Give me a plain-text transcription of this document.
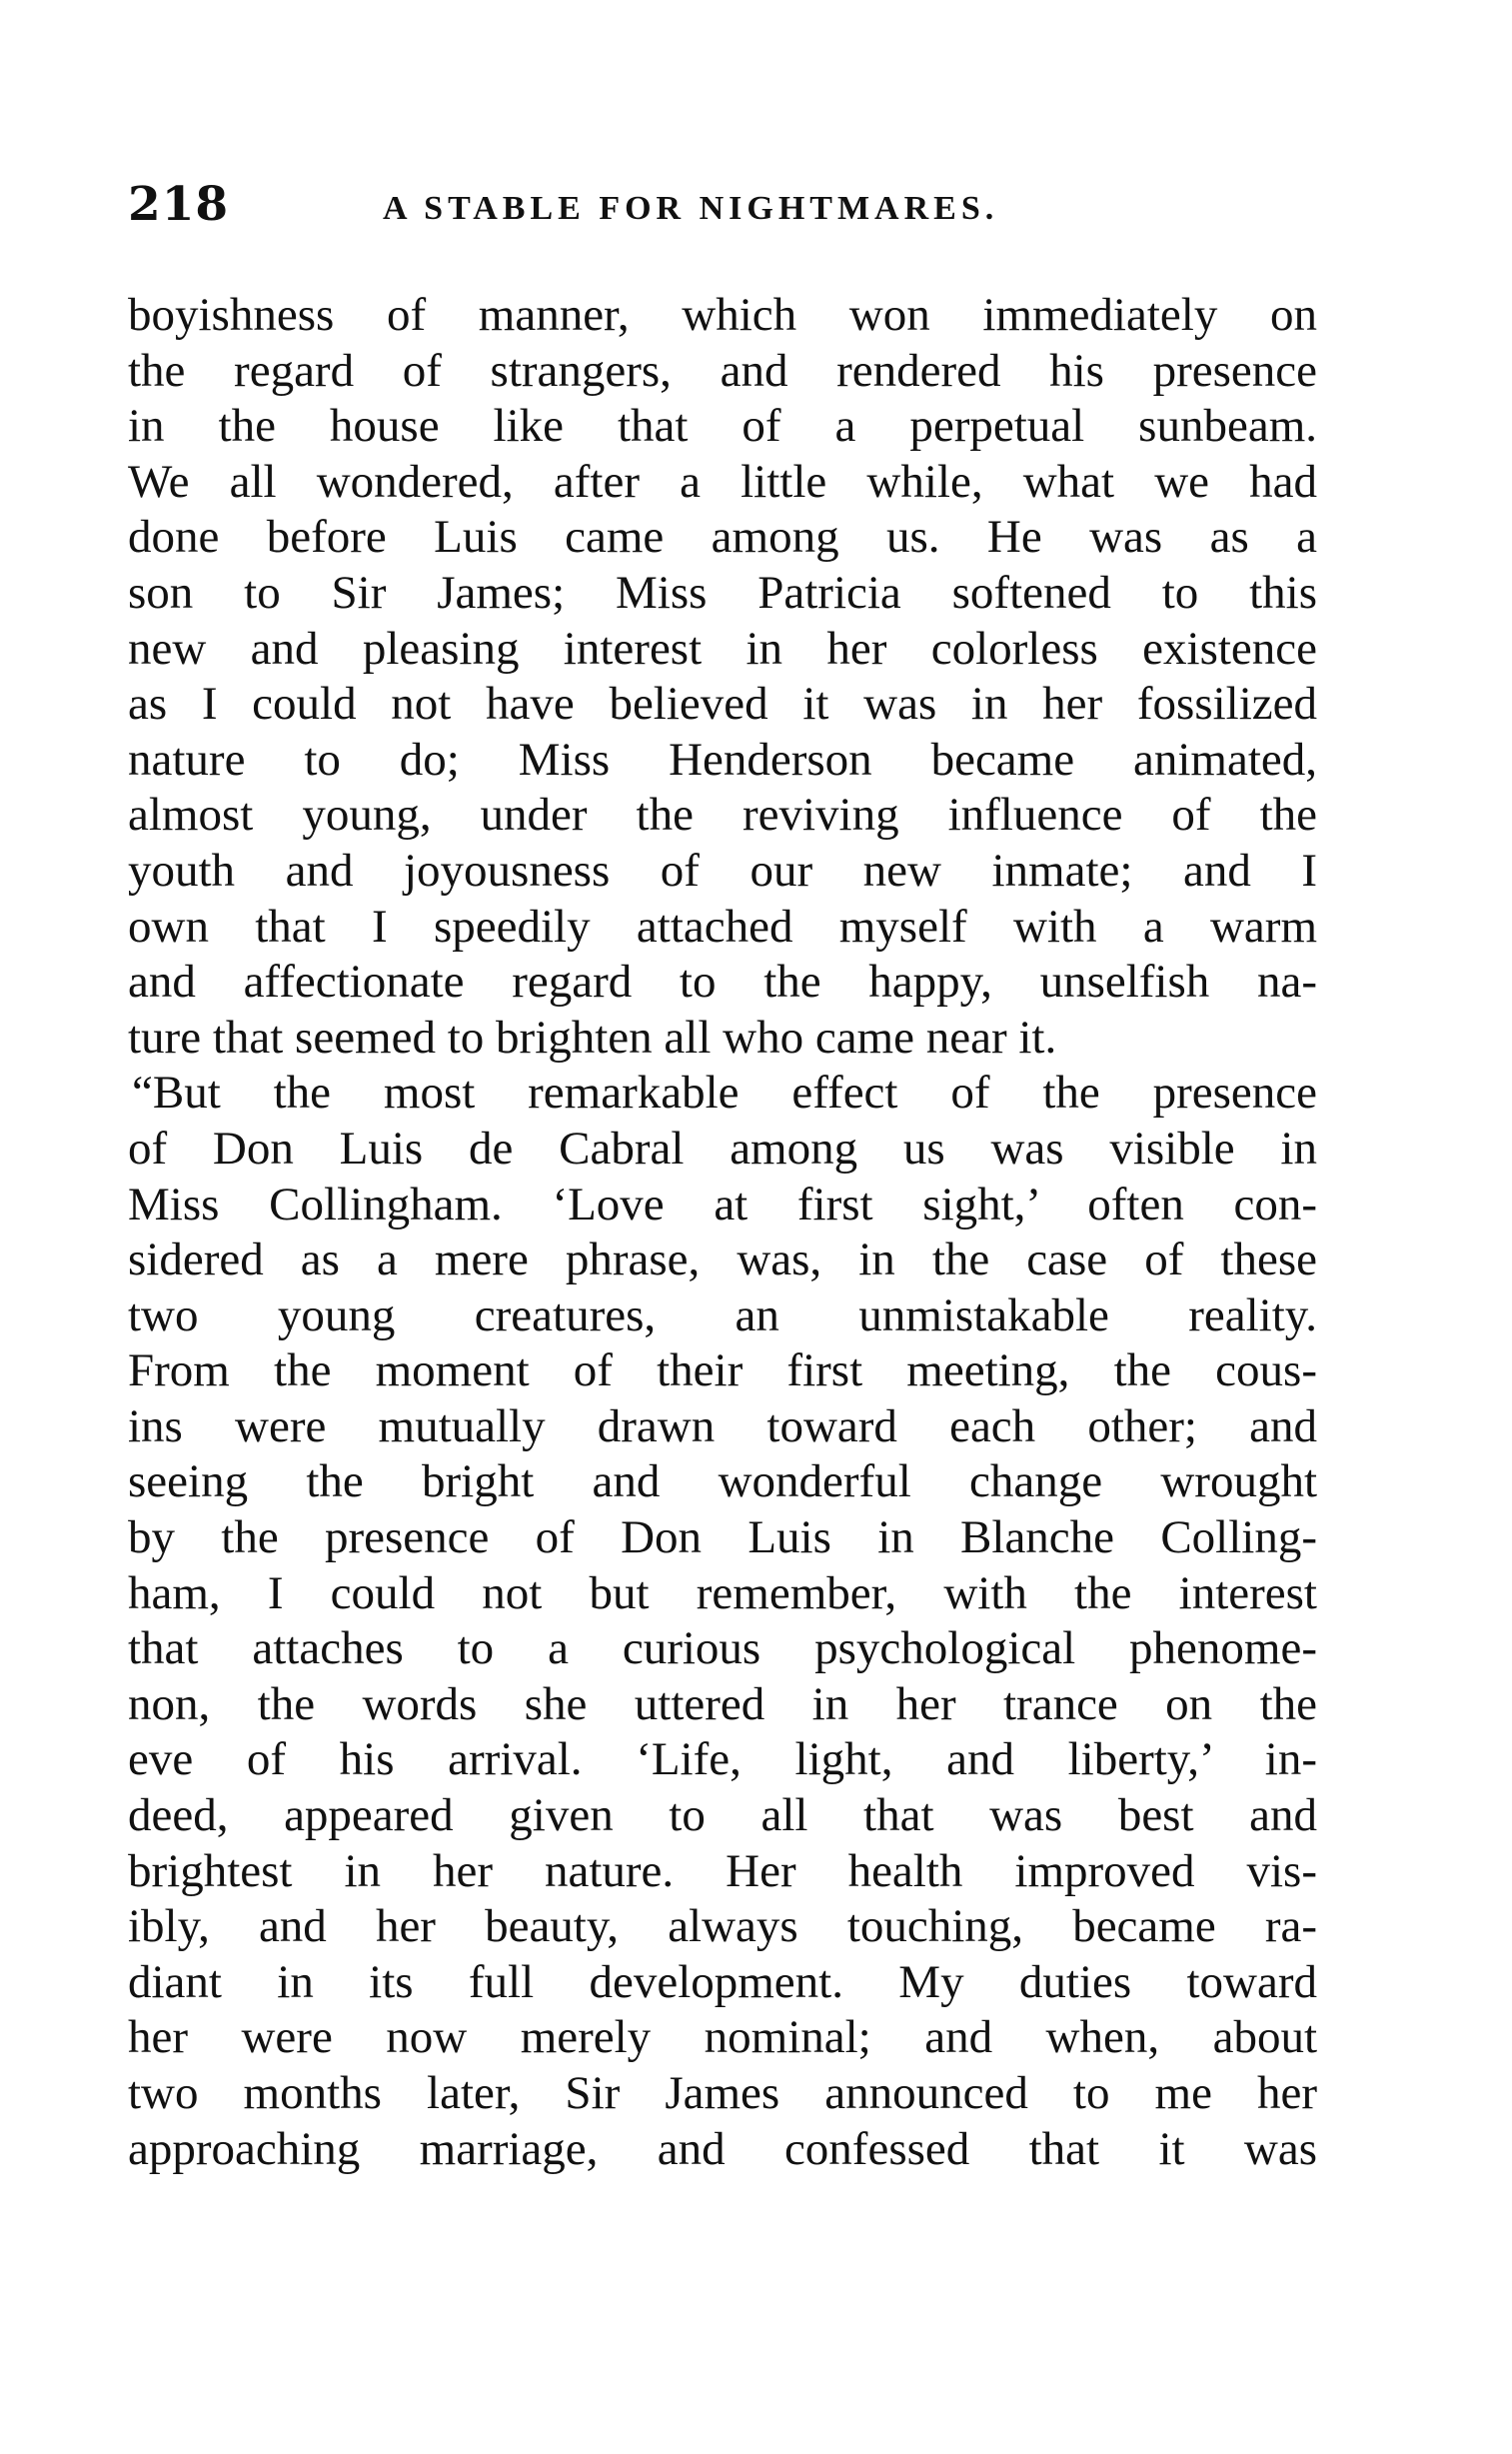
218	A STABLE FOR NIGHTMARES.
boyishness of manner, which won immediately on
the regard of strangers, and rendered his presence
in the house like that of a perpetual sunbeam.
We all wondered, after a little while, what we had
done before Luis came among us. He was as a
son to Sir James; Miss Patricia softened to this
new and pleasing interest in her colorless existence
as I could not have believed it was in her fossilized
nature to do; Miss Henderson became animated,
almost young, under the reviving influence of the
youth and joyousness of our new inmate; and I
own that I speedily attached myself with a warm
and affectionate regard to the happy, unselfish na-
ture that seemed to brighten all who came near it.
“But the most remarkable effect of the presence
of Don Luis de Cabral among us was visible in
Miss Collingham. ‘Love at first sight,’ often con-
sidered as a mere phrase, was, in the case of these
two young creatures, an unmistakable reality.
From the moment of their first meeting, the cous-
ins were mutually drawn toward each other; and
seeing the bright and wonderful change wrought
by the presence of Don Luis in Blanche Colling-
ham, I could not but remember, with the interest
that attaches to a curious psychological phenome-
non, the words she uttered in her trance on the
eve of his arrival. ‘Life, light, and liberty,’ in-
deed, appeared given to all that was best and
brightest in her nature. Her health improved vis-
ibly, and her beauty, always touching, became ra-
diant in its full development. My duties toward
her were now merely nominal; and when, about
two months later, Sir James announced to me her
approaching marriage, and confessed that it was
